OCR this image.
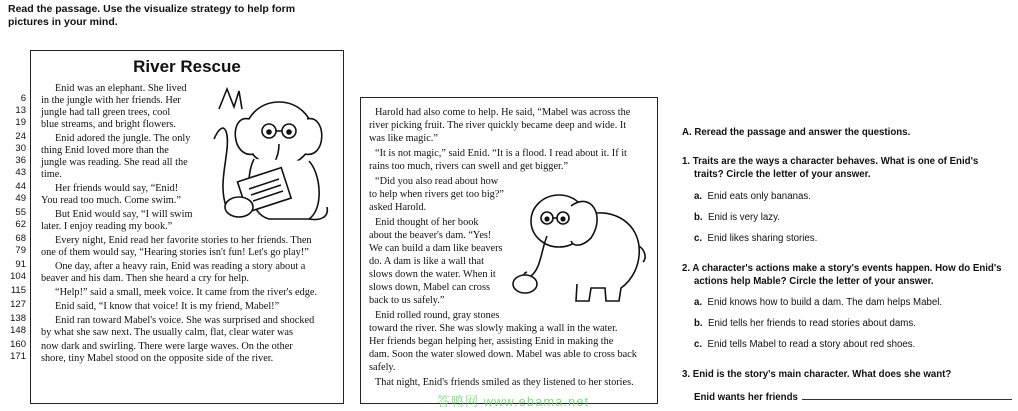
Read the passage. Use the visualize strategy to help form
pictures in your mind.
6
13
19
24
30
36
43
44
49
55
62
68
79
91
104
115
127
138
148
160
171
River Rescue
Enid was an elephant. She lived
in the jungle with her friends. Her
jungle had tall green trees, cool
blue streams, and bright flowers.
Enid adored the jungle. The only
thing Enid loved more than the
jungle was reading. She read all the
time.
Her friends would say, “Enid!
You read too much. Come swim.”
But Enid would say, “I will swim
later. I enjoy reading my book.”
Every night, Enid read her favorite stories to her friends. Then
one of them would say, “Hearing stories isn't fun! Let's go play!”
One day, after a heavy rain, Enid was reading a story about a
beaver and his dam. Then she heard a cry for help.
“Help!” said a small, meek voice. It came from the river's edge.
Enid said, “I know that voice! It is my friend, Mabel!”
Enid ran toward Mabel's voice. She was surprised and shocked
by what she saw next. The usually calm, flat, clear water was
now dark and swirling. There were large waves. On the other
shore, tiny Mabel stood on the opposite side of the river.
Harold had also come to help. He said, “Mabel was across the
river picking fruit. The river quickly became deep and wide. It
was like magic.”
“It is not magic,” said Enid. “It is a flood. I read about it. If it
rains too much, rivers can swell and get bigger.”
“Did you also read about how
to help when rivers get too big?”
asked Harold.
Enid thought of her book
about the beaver's dam. “Yes!
We can build a dam like beavers
do. A dam is like a wall that
slows down the water. When it
slows down, Mabel can cross
back to us safely.”
Enid rolled round, gray stones
toward the river. She was slowly making a wall in the water.
Her friends began helping her, assisting Enid in making the
dam. Soon the water slowed down. Mabel was able to cross back
safely.
That night, Enid's friends smiled as they listened to her stories.
A. Reread the passage and answer the questions.
1. Traits are the ways a character behaves. What is one of Enid's
traits? Circle the letter of your answer.
a. Enid eats only bananas.
b. Enid is very lazy.
c. Enid likes sharing stories.
2. A character's actions make a story's events happen. How do Enid's
actions help Mable? Circle the letter of your answer.
a. Enid knows how to build a dam. The dam helps Mabel.
b. Enid tells her friends to read stories about dams.
c. Enid tells Mabel to read a story about red shoes.
3. Enid is the story's main character. What does she want?
Enid wants her friends
答鸭网 www.ebama.net
